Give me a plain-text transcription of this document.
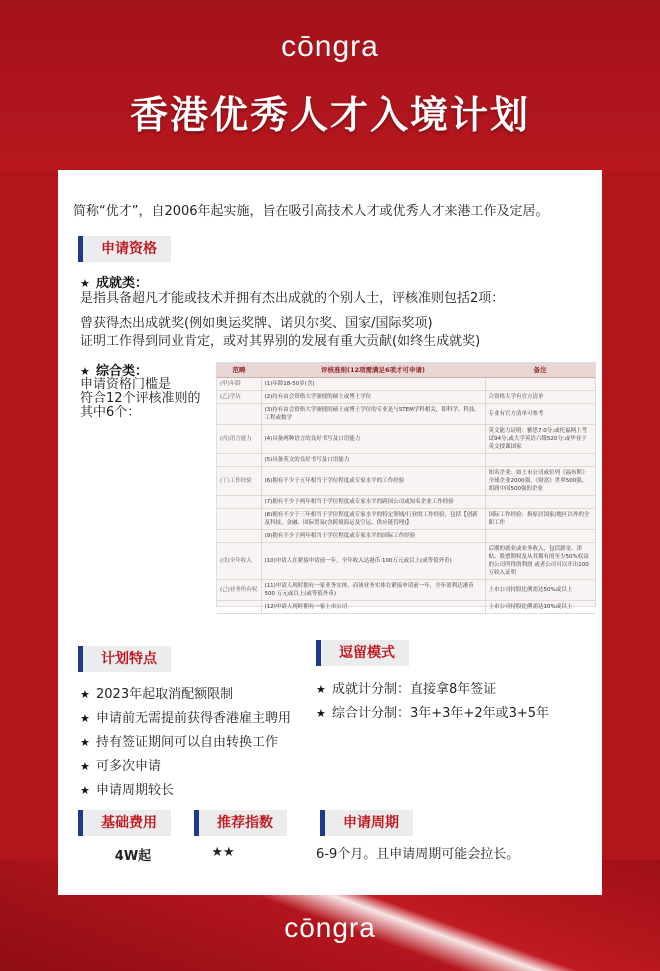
cōngra
香港优秀人才入境计划
简称“优才”，自2006年起实施，旨在吸引高技术人才或优秀人才来港工作及定居。
申请资格
★ 成就类：
是指具备超凡才能或技术并拥有杰出成就的个别人士，评核准则包括2项：
曾获得杰出成就奖(例如奥运奖牌、诺贝尔奖、国家/国际奖项)
证明工作得到同业肯定，或对其界别的发展有重大贡献(如终生成就奖)
★ 综合类：
申请资格门槛是
符合12个评核准则的
其中6个：
范畴	评核准则(12项需满足6项才可申请)	备注
(甲)年龄	(1)年龄18-50岁(含)	
(乙)学历	(2)持有由会资格大学颁授的硕士或博士学位	合资格大学有官方清单
	(3)持有由会资格大学颁授的硕士或博士学位的专业是与STEM学科相关，即科学、科技、工程或数学	专业有官方清单可参考
(丙)语言能力	(4)具备两种语言的良好书写及口语能力	英文能力证明：雅思7.0分;或托福网上考试94分;或大学英语六级520分;或毕业于英文授课国家
	(5)具备英文的良好书写及口语能力	
(丁)工作经验	(6)拥有不少于五年相当于学位程度或专家水平的工作经验	知名企业：如上市公司或位列《福布斯》全球企业2000强、《财富》世界500强、胡润中国500强的企业
	(7)拥有不少于两年相当于学位程度或专家水平的跨国公司或知名企业工作经验	
	(8)拥有不少于三年相当于学位程度或专家水平的特定领域/行业的工作经验，包括【创新及科技、金融、国际贸易(含跨境海运及空运、供应链管理)】	国际工作经验：指原居国家/地区以外的全职工作
	(9)拥有不少于两年相当于学位程度或专家水平的国际工作经验	
(戊)全年收入	(10)申请人在紧接申请前一年，全年收入达港币 100万元或以上(或等值外币)	后期的就业或业务收入，包括薪金、津贴、股票期权及从其拥有的至少50%权益的公司所得的利润 或者公司可以开出100万收入证明
(己)业务所有权	(11)申请人现时拥有一家业务实体，而该业务实体在紧接申请前一年，全年盈利达港币 500 万元或以上(或等值外币)	上市公司持股比例需达50%或以上
	(12)申请人现时拥有一家上市公司	上市公司持股比例需达10%或以上
计划特点
★ 2023年起取消配额限制
★ 申请前无需提前获得香港雇主聘用
★ 持有签证期间可以自由转换工作
★ 可多次申请
★ 申请周期较长
逗留模式
★ 成就计分制：直接拿8年签证
★ 综合计分制：3年+3年+2年或3+5年
基础费用
4W起
推荐指数
★★
申请周期
6-9个月。且申请周期可能会拉长。
cōngra
